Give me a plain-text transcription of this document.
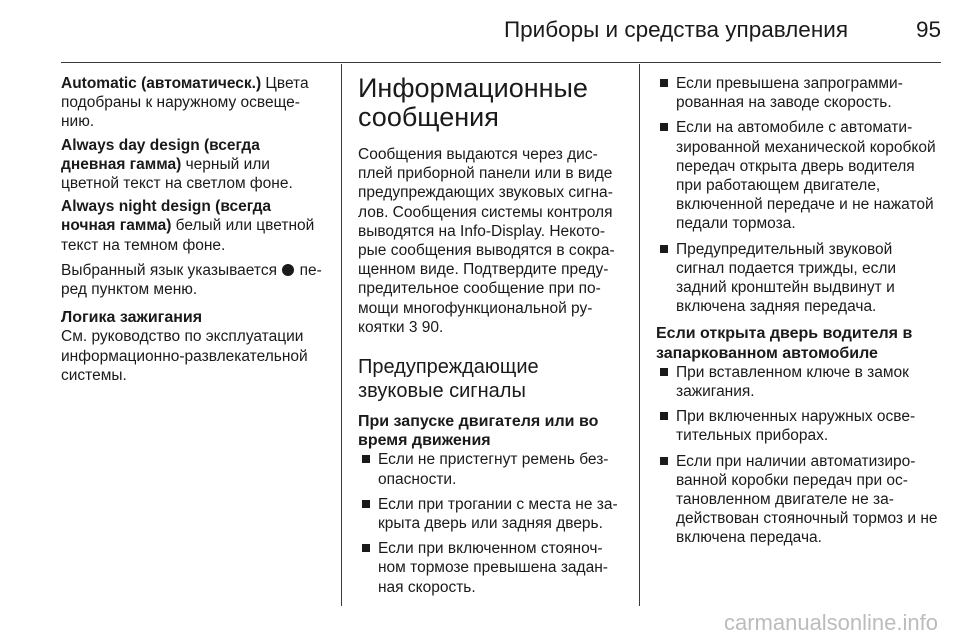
Приборы и средства управления	95

Automatic (автоматическ.) Цвета подобраны к наружному освещению.

Always day design (всегда дневная гамма) черный или цветной текст на светлом фоне.

Always night design (всегда ночная гамма) белый или цветной текст на темном фоне.

Выбранный язык указывается  перед пунктом меню.

Логика зажигания

См. руководство по эксплуатации информационно-развлекательной системы.

Информационные сообщения

Сообщения выдаются через дисплей приборной панели или в виде предупреждающих звуковых сигналов. Сообщения системы контроля выводятся на Info-Display. Некоторые сообщения выводятся в сокращенном виде. Подтвердите предупредительное сообщение при помощи многофункциональной рукоятки 3 90.

Предупреждающие звуковые сигналы
При запуске двигателя или во время движения
Если не пристегнут ремень безопасности.
Если при трогании с места не закрыта дверь или задняя дверь.
Если при включенном стояночном тормозе превышена заданная скорость.
Если превышена запрограммированная на заводе скорость.
Если на автомобиле с автоматизированной механической коробкой передач открыта дверь водителя при работающем двигателе, включенной передаче и не нажатой педали тормоза.
Предупредительный звуковой сигнал подается трижды, если задний кронштейн выдвинут и включена задняя передача.
Если открыта дверь водителя в запаркованном автомобиле
При вставленном ключе в замок зажигания.
При включенных наружных осветительных приборах.
Если при наличии автоматизированной коробки передач при остановленном двигателе не задействован стояночный тормоз и не включена передача.
carmanualsonline.info
